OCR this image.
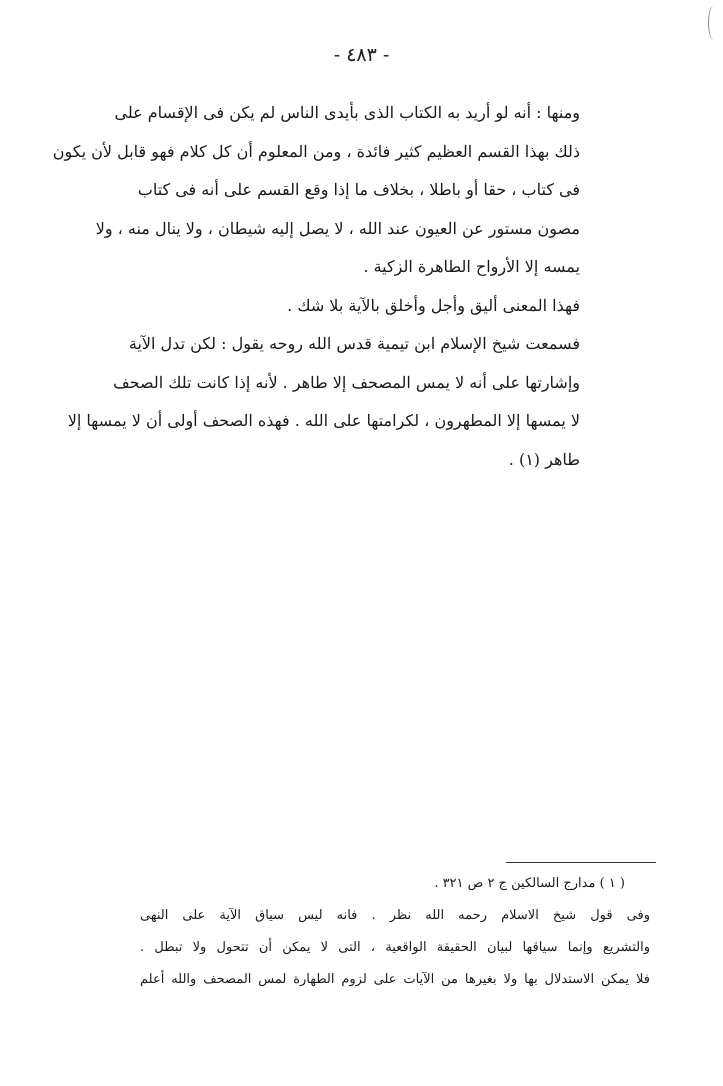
- ٤٨٣ -
ومنها : أنه لو أريد به الكتاب الذى بأيدى الناس لم يكن فى الإقسام على
ذلك بهذا القسم العظيم كثير فائدة ، ومن المعلوم أن كل كلام فهو قابل لأن يكون
فى كتاب ، حقا أو باطلا ، بخلاف ما إذا وقع القسم على أنه فى كتاب
مصون مستور عن العيون عند الله ، لا يصل إليه شيطان ، ولا ينال منه ، ولا
يمسه إلا الأرواح الطاهرة الزكية .
فهذا المعنى أليق وأجل وأخلق بالآية بلا شك .
فسمعت شيخ الإسلام ابن تيمية قدس الله روحه يقول : لكن تدل الآية
وإشارتها على أنه لا يمس المصحف إلا طاهر . لأنه إذا كانت تلك الصحف
لا يمسها إلا المطهرون ، لكرامتها على الله . فهذه الصحف أولى أن لا يمسها إلا
طاهر (١) .
( ١ ) مدارج السالكين ج ٢ ص ٣٢١ .
وفى قول شيخ الاسلام رحمه الله نظر . فانه ليس سياق الآية على النهى
والتشريع وإنما سياقها لبيان الحقيقة الواقعية ، التى لا يمكن أن تتحول ولا تبطل .
فلا يمكن الاستدلال بها ولا بغيرها من الآيات على لزوم الطهارة لمس المصحف والله أعلم
